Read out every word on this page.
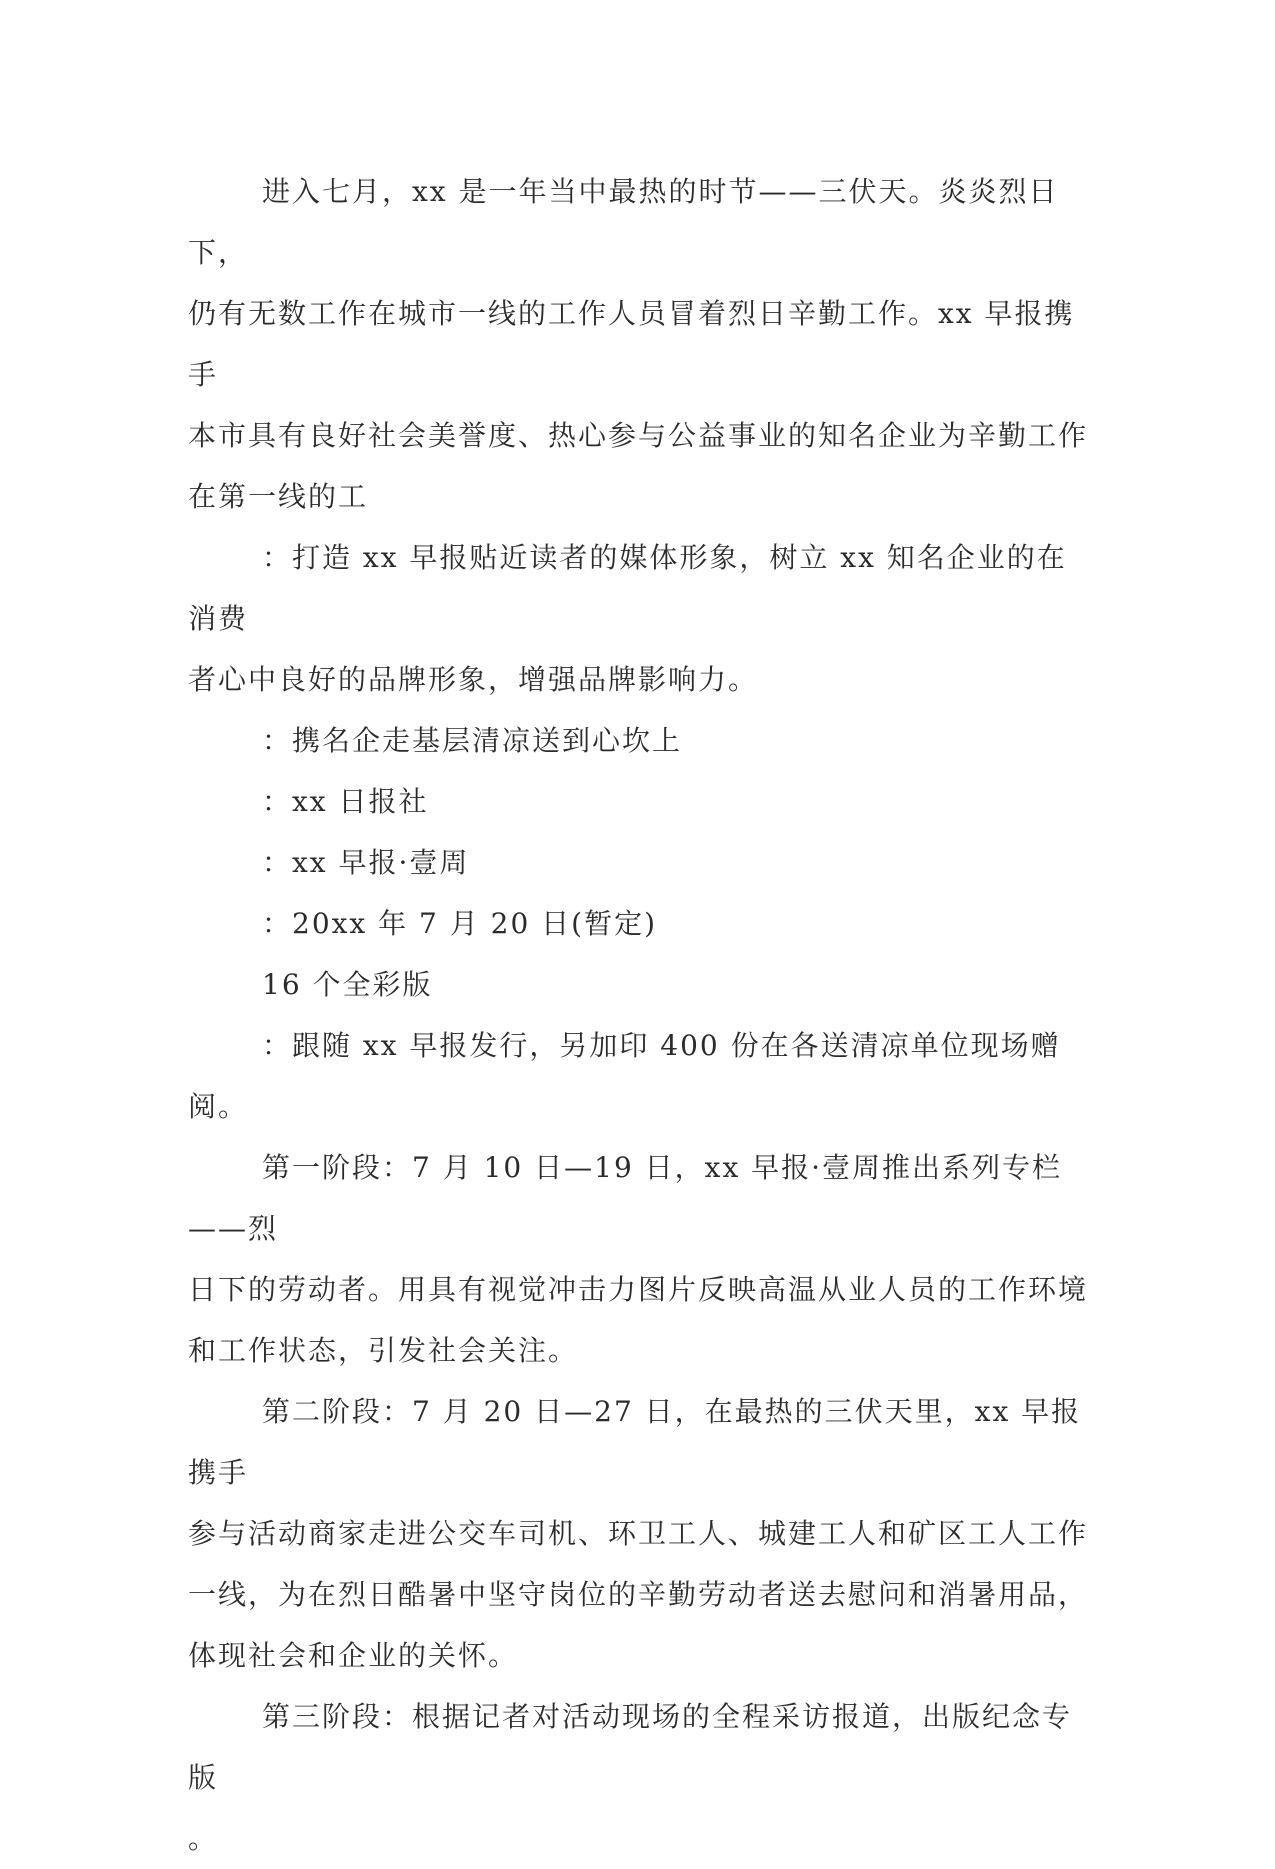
进入七月，xx 是一年当中最热的时节——三伏天。炎炎烈日下，
仍有无数工作在城市一线的工作人员冒着烈日辛勤工作。xx 早报携手
本市具有良好社会美誉度、热心参与公益事业的知名企业为辛勤工作
在第一线的工

：打造 xx 早报贴近读者的媒体形象，树立 xx 知名企业的在消费
者心中良好的品牌形象，增强品牌影响力。

：携名企走基层清凉送到心坎上

：xx 日报社

：xx 早报·壹周

：20xx 年 7 月 20 日(暂定)

16 个全彩版

：跟随 xx 早报发行，另加印 400 份在各送清凉单位现场赠阅。

第一阶段：7 月 10 日—19 日，xx 早报·壹周推出系列专栏——烈
日下的劳动者。用具有视觉冲击力图片反映高温从业人员的工作环境
和工作状态，引发社会关注。

第二阶段：7 月 20 日—27 日，在最热的三伏天里，xx 早报携手
参与活动商家走进公交车司机、环卫工人、城建工人和矿区工人工作
一线，为在烈日酷暑中坚守岗位的辛勤劳动者送去慰问和消暑用品，
体现社会和企业的关怀。

第三阶段：根据记者对活动现场的全程采访报道，出版纪念专版
。
